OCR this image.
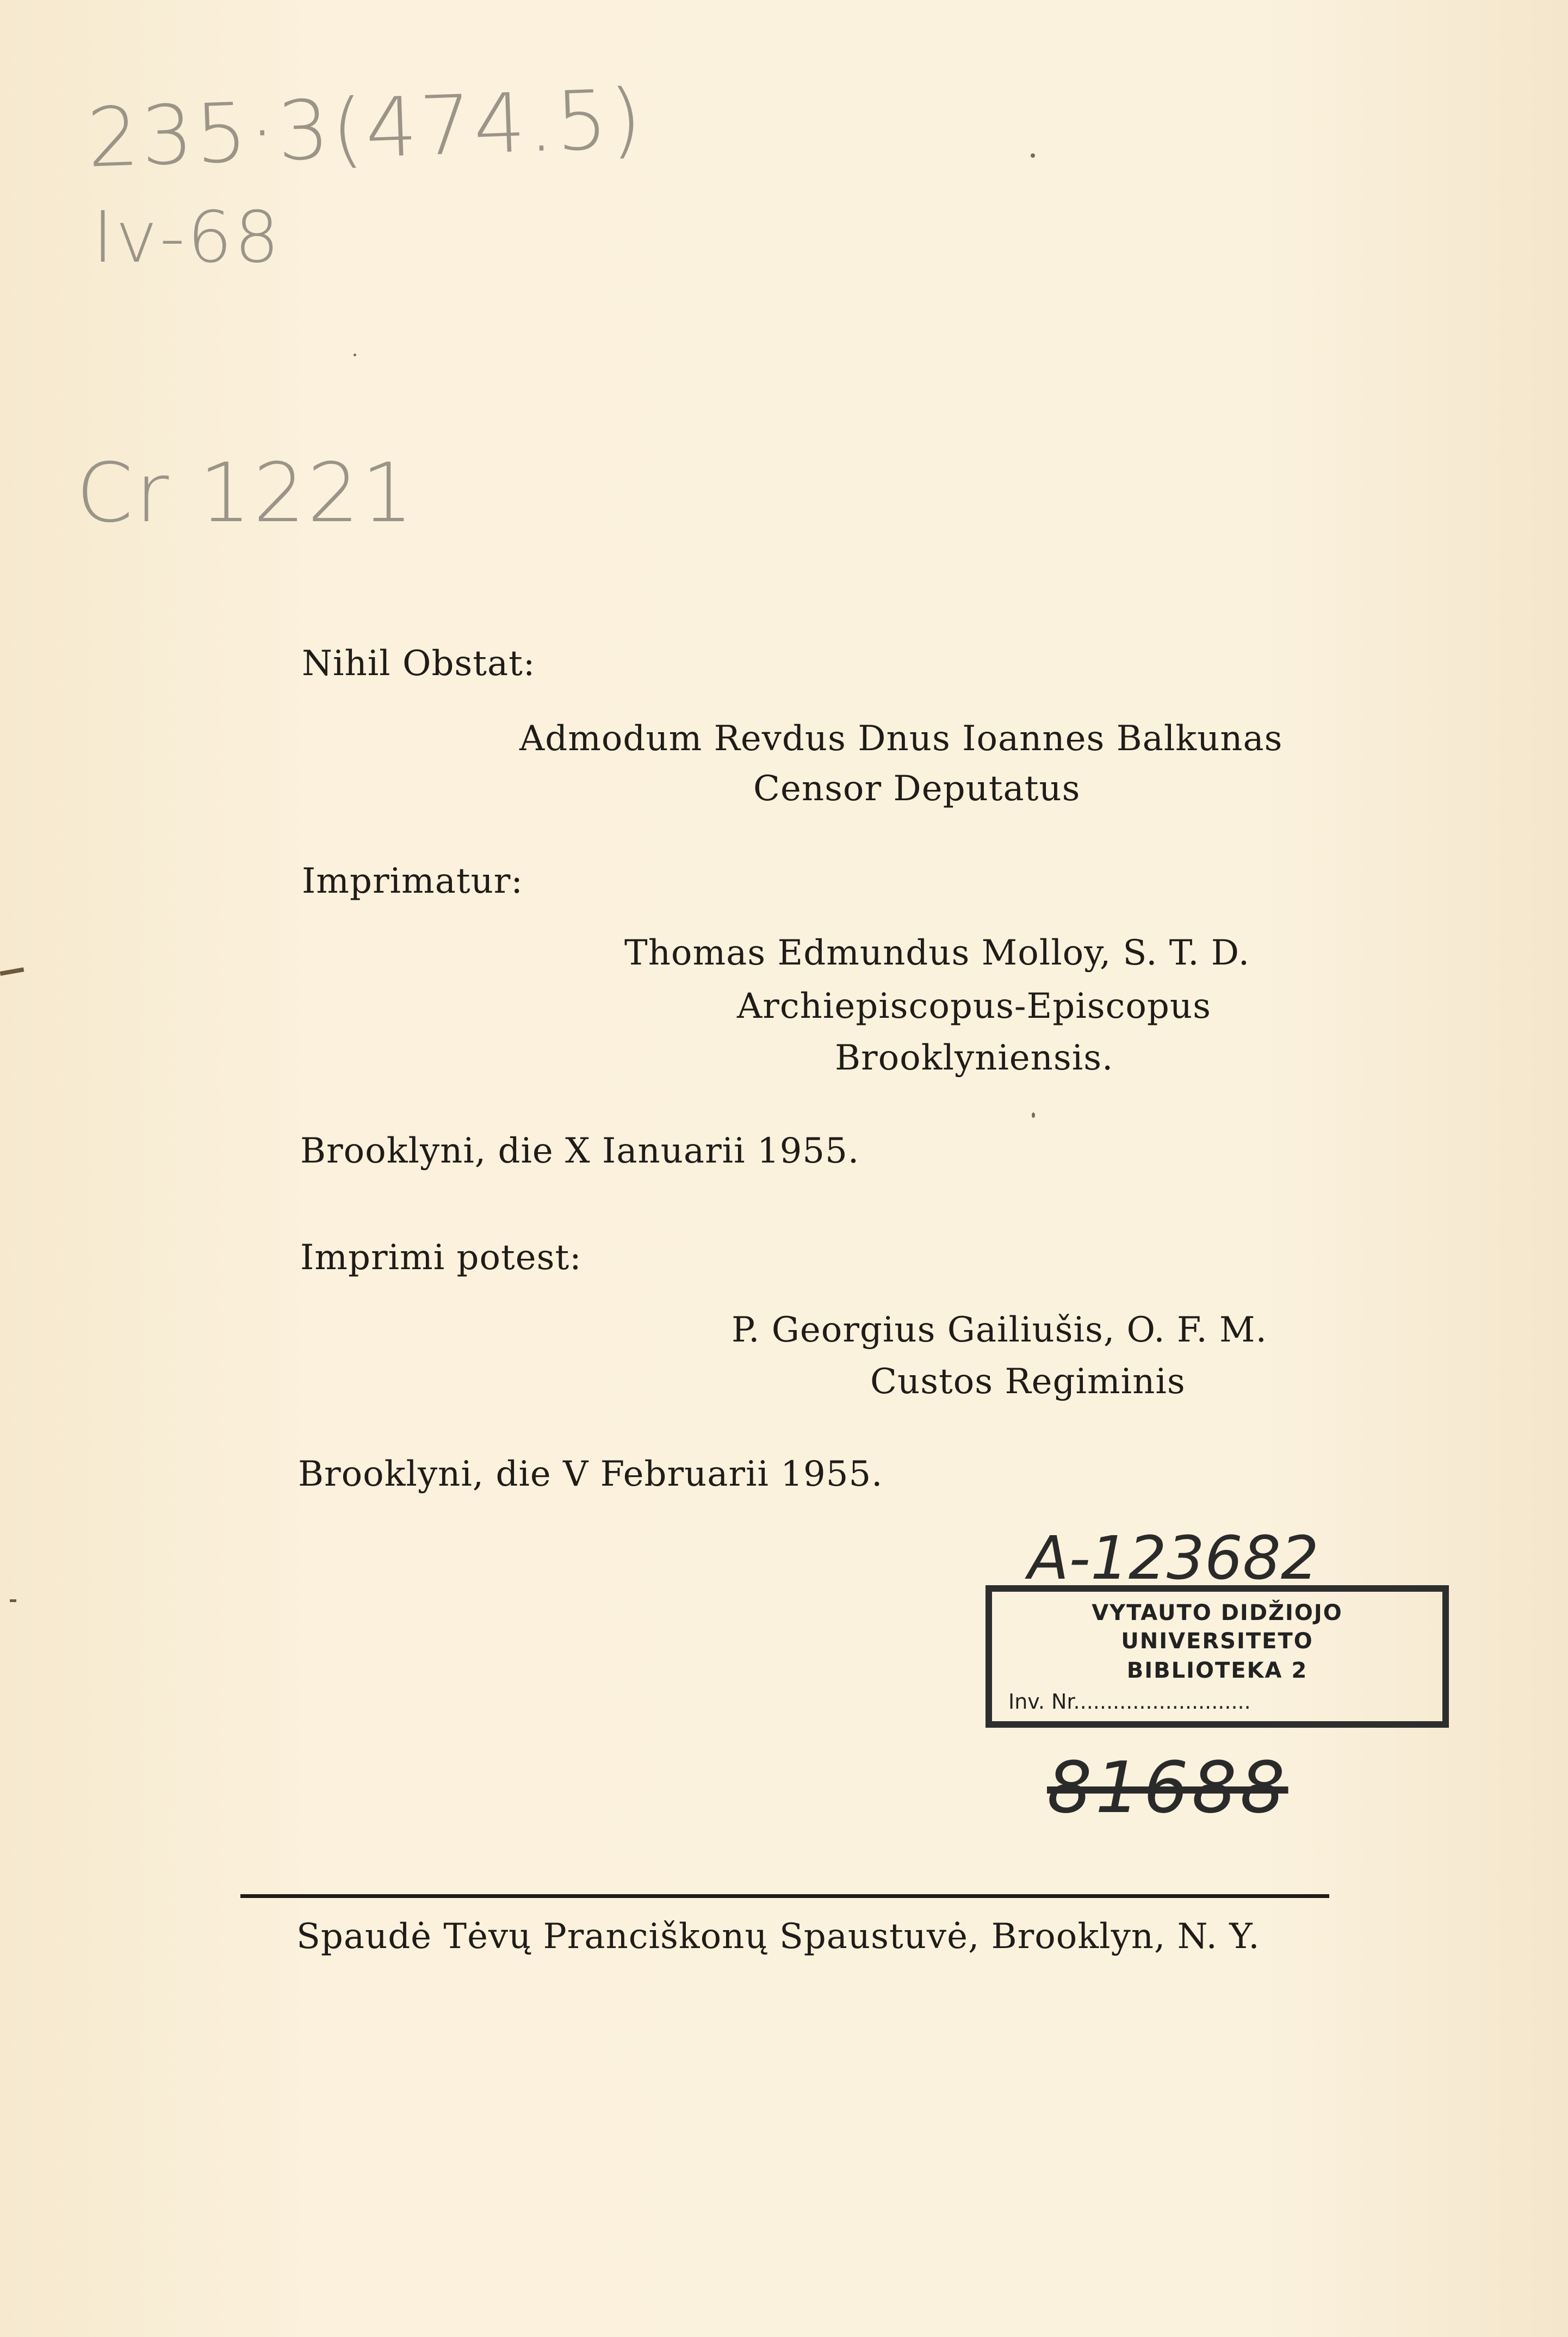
235·3(474.5)
Iv-68
Cr 1221
Nihil Obstat:
Admodum Revdus Dnus Ioannes Balkunas
Censor Deputatus
Imprimatur:
Thomas Edmundus Molloy, S. T. D.
Archiepiscopus-Episcopus
Brooklyniensis.
Brooklyni, die X Ianuarii 1955.
Imprimi potest:
P. Georgius Gailiušis, O. F. M.
Custos Regiminis
Brooklyni, die V Februarii 1955.
A-123682
VYTAUTO DIDŽIOJO
UNIVERSITETO
BIBLIOTEKA 2
Inv. Nr...........................
81688
Spaudė Tėvų Pranciškonų Spaustuvė, Brooklyn, N. Y.
